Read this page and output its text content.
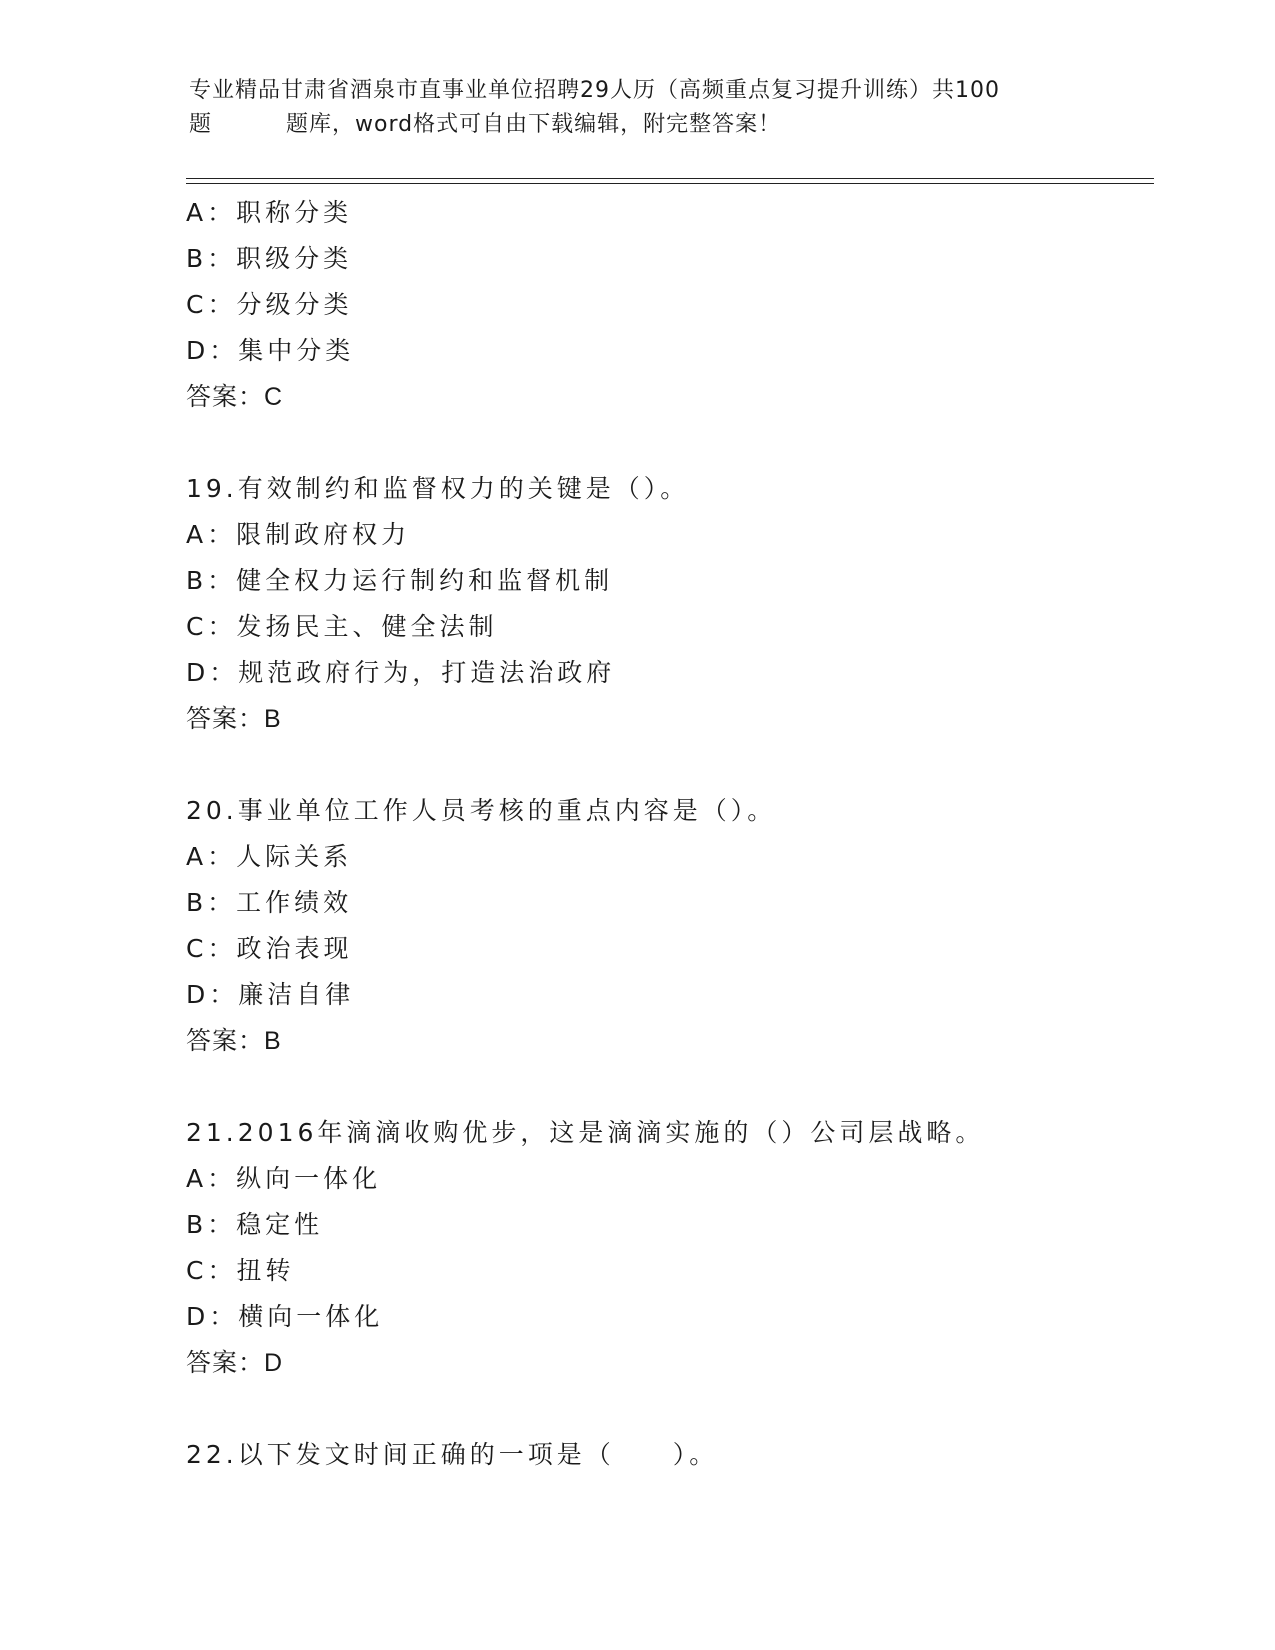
专业精品甘肃省酒泉市直事业单位招聘29人历（高频重点复习提升训练）共100
题	题库，word格式可自由下载编辑，附完整答案！
A：职称分类
B：职级分类
C：分级分类
D：集中分类
答案：C
19.有效制约和监督权力的关键是（）。
A：限制政府权力
B：健全权力运行制约和监督机制
C：发扬民主、健全法制
D：规范政府行为，打造法治政府
答案：B
20.事业单位工作人员考核的重点内容是（）。
A：人际关系
B：工作绩效
C：政治表现
D：廉洁自律
答案：B
21.2016年滴滴收购优步，这是滴滴实施的（）公司层战略。
A：纵向一体化
B：稳定性
C：扭转
D：横向一体化
答案：D
22.以下发文时间正确的一项是（　　）。
